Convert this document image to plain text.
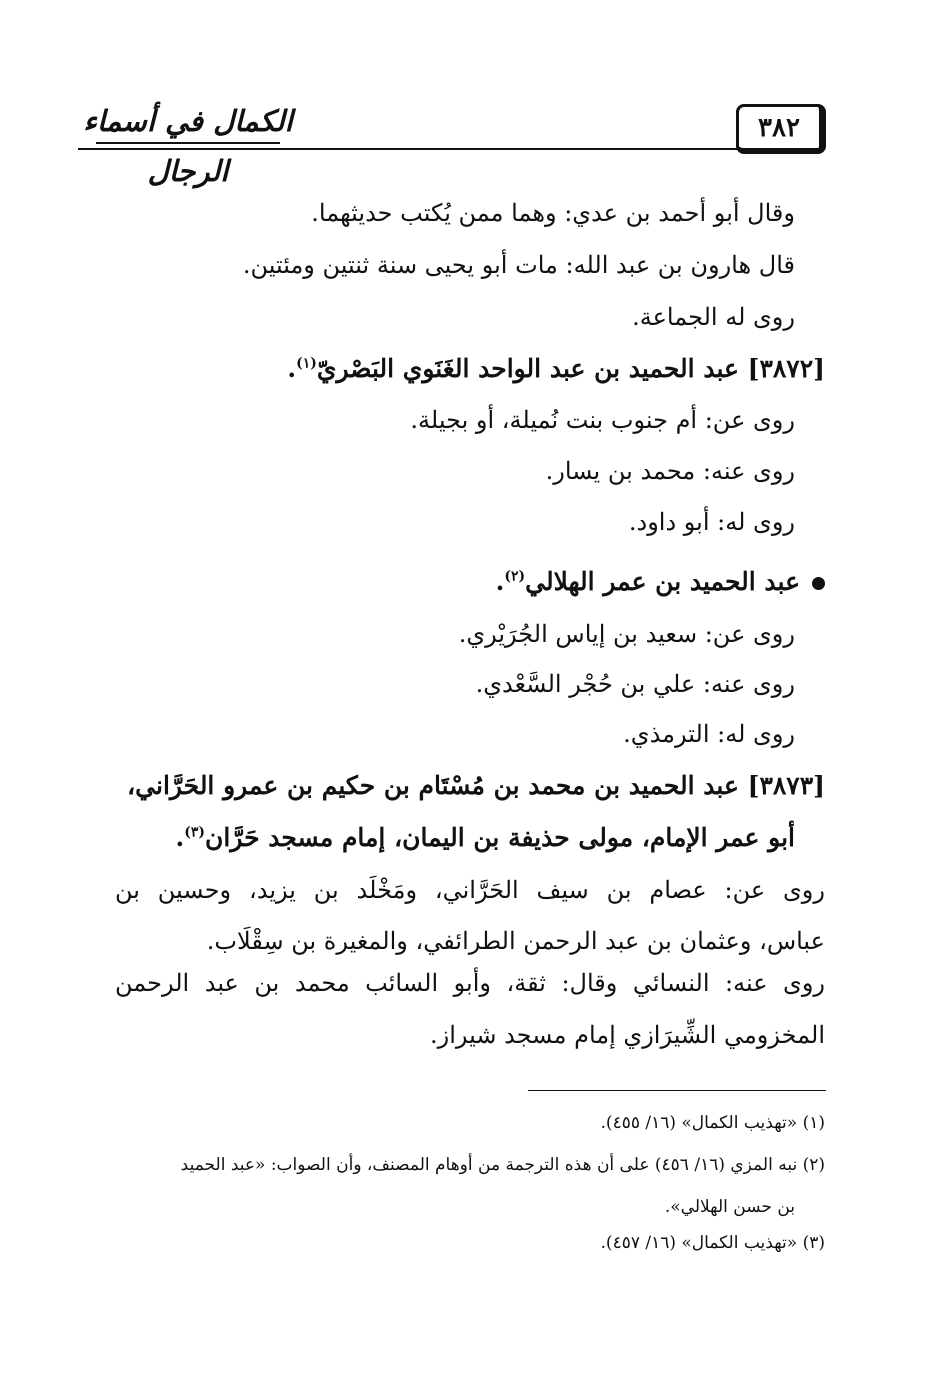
الكمال في أسماء الرجال
٣٨٢
وقال أبو أحمد بن عدي: وهما ممن يُكتب حديثهما.
قال هارون بن عبد الله: مات أبو يحيى سنة ثنتين ومئتين.
روى له الجماعة.
[٣٨٧٢] عبد الحميد بن عبد الواحد الغَنَوي البَصْريّ$^{(١)}$.
روى عن: أم جنوب بنت نُميلة، أو بجيلة.
روى عنه: محمد بن يسار.
روى له: أبو داود.
عبد الحميد بن عمر الهلالي$^{(٢)}$.
روى عن: سعيد بن إياس الجُرَيْري.
روى عنه: علي بن حُجْر السَّعْدي.
روى له: الترمذي.
[٣٨٧٣] عبد الحميد بن محمد بن مُسْتَام بن حكيم بن عمرو الحَرَّاني،
أبو عمر الإمام، مولى حذيفة بن اليمان، إمام مسجد حَرَّان$^{(٣)}$.
روى عن: عصام بن سيف الحَرَّاني، ومَخْلَد بن يزيد، وحسين بن
عباس، وعثمان بن عبد الرحمن الطرائفي، والمغيرة بن سِقْلَاب.
روى عنه: النسائي وقال: ثقة، وأبو السائب محمد بن عبد الرحمن
المخزومي الشِّيرَازي إمام مسجد شيراز.
(١) «تهذيب الكمال» (١٦/ ٤٥٥).
(٢) نبه المزي (١٦/ ٤٥٦) على أن هذه الترجمة من أوهام المصنف، وأن الصواب: «عبد الحميد
بن حسن الهلالي».
(٣) «تهذيب الكمال» (١٦/ ٤٥٧).
